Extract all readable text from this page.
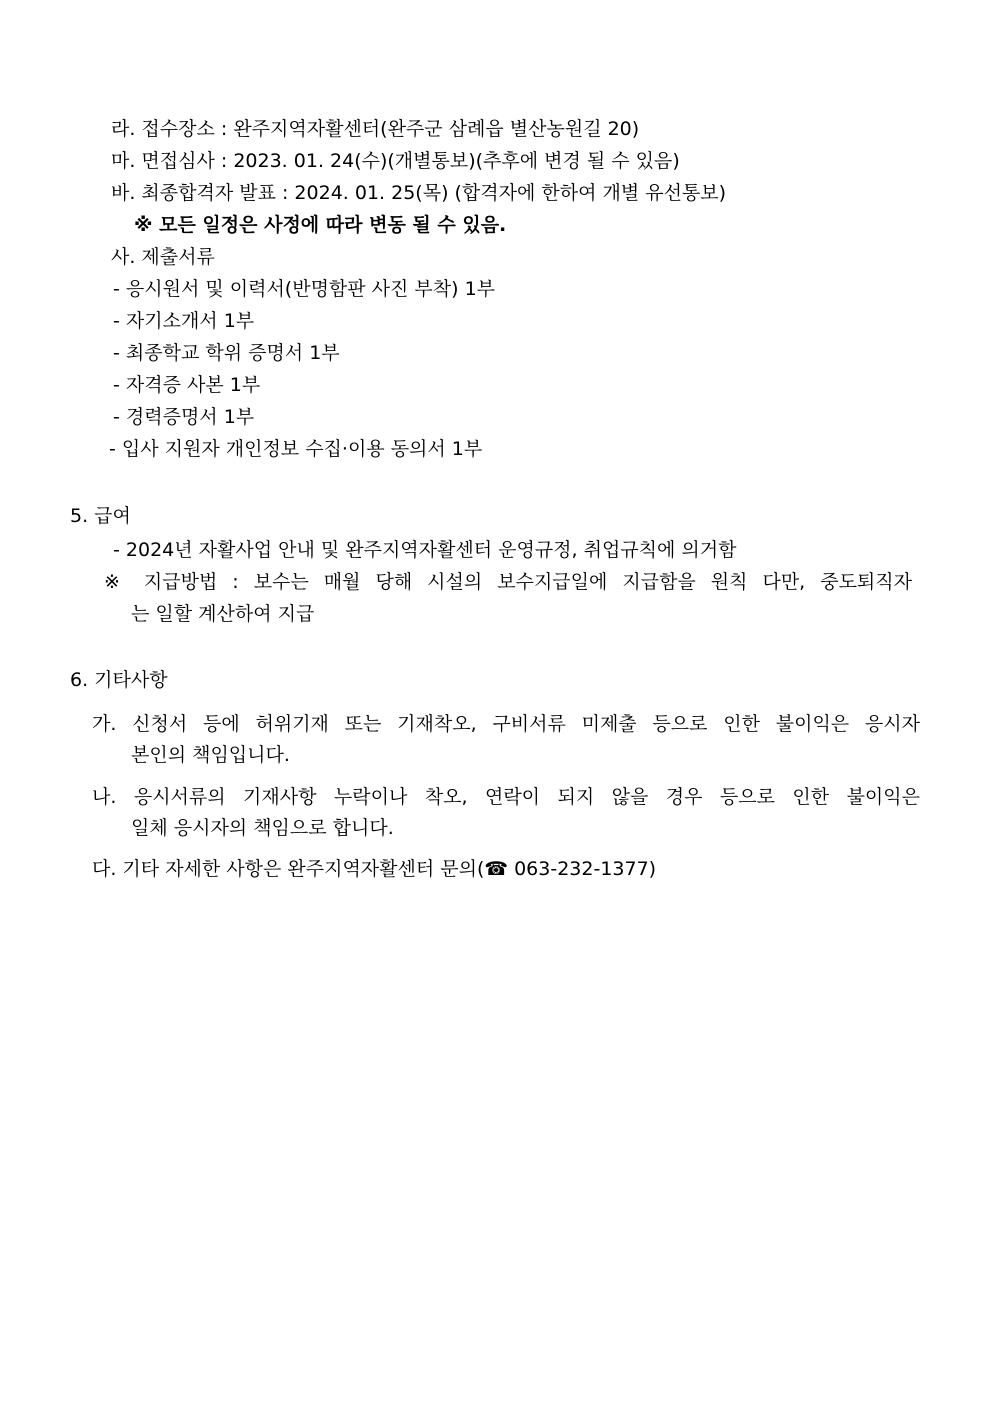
라. 접수장소 : 완주지역자활센터(완주군 삼례읍 별산농원길 20)
마. 면접심사 : 2023. 01. 24(수)(개별통보)(추후에 변경 될 수 있음)
바. 최종합격자 발표 : 2024. 01. 25(목) (합격자에 한하여 개별 유선통보)
※ 모든 일정은 사정에 따라 변동 될 수 있음.
사. 제출서류
- 응시원서 및 이력서(반명함판 사진 부착) 1부
- 자기소개서 1부
- 최종학교 학위 증명서 1부
- 자격증 사본 1부
- 경력증명서 1부
- 입사 지원자 개인정보 수집·이용 동의서 1부
5. 급여
- 2024년 자활사업 안내 및 완주지역자활센터 운영규정, 취업규칙에 의거함
※ 지급방법 : 보수는 매월 당해 시설의 보수지급일에 지급함을 원칙 다만, 중도퇴직자
는 일할 계산하여 지급
6. 기타사항
가. 신청서 등에 허위기재 또는 기재착오, 구비서류 미제출 등으로 인한 불이익은 응시자
본인의 책임입니다.
나. 응시서류의 기재사항 누락이나 착오, 연락이 되지 않을 경우 등으로 인한 불이익은
일체 응시자의 책임으로 합니다.
다. 기타 자세한 사항은 완주지역자활센터 문의(☎ 063-232-1377)
